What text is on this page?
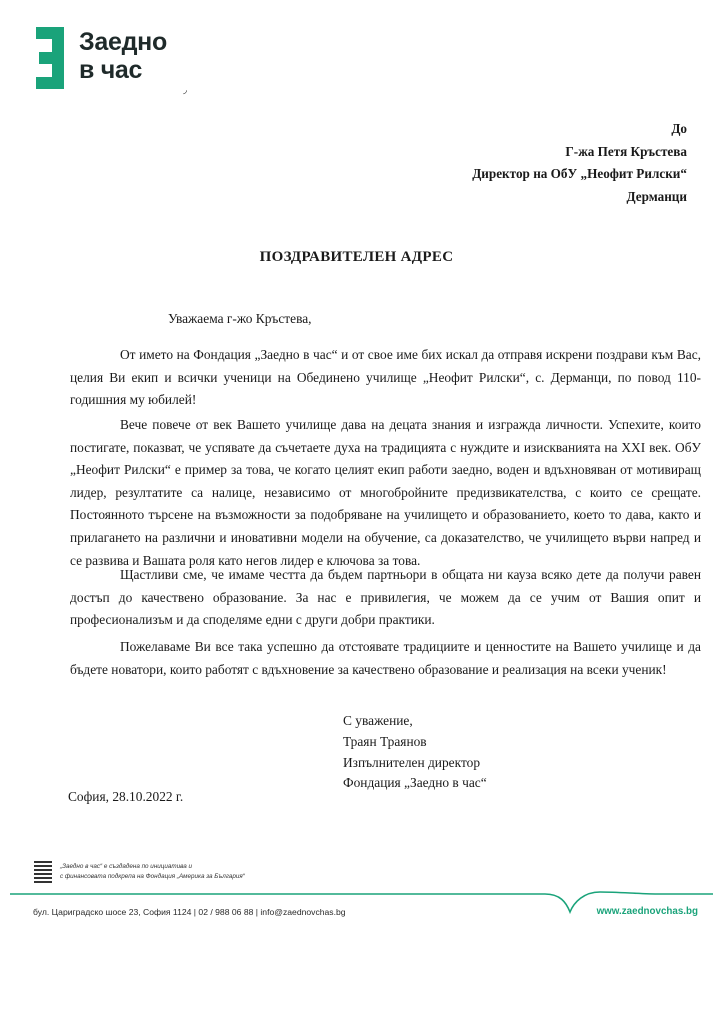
Заедно
в час
◞
До
Г-жа Петя Кръстева
Директор на ОбУ „Неофит Рилски“
Дерманци
ПОЗДРАВИТЕЛЕН АДРЕС
Уважаема г-жо Кръстева,

От името на Фондация „Заедно в час“ и от свое име бих искал да отправя искрени поздрави към Вас, целия Ви екип и всички ученици на Обединено училище „Неофит Рилски“, с. Дерманци, по повод 110-годишния му юбилей!

Вече повече от век Вашето училище дава на децата знания и изгражда личности. Успехите, които постигате, показват, че успявате да съчетаете духа на традицията с нуждите и изискванията на XXI век. ОбУ „Неофит Рилски“ е пример за това, че когато целият екип работи заедно, воден и вдъхновяван от мотивиращ лидер, резултатите са налице, независимо от многобройните предизвикателства, с които се срещате. Постоянното търсене на възможности за подобряване на училището и образованието, което то дава, както и прилагането на различни и иновативни модели на обучение, са доказателство, че училището върви напред и се развива и Вашата роля като негов лидер е ключова за това.

Щастливи сме, че имаме честта да бъдем партньори в общата ни кауза всяко дете да получи равен достъп до качествено образование. За нас е привилегия, че можем да се учим от Вашия опит и професионализъм и да споделяме едни с други добри практики.

Пожелаваме Ви все така успешно да отстоявате традициите и ценностите на Вашето училище и да бъдете новатори, които работят с вдъхновение за качествено образование и реализация на всеки ученик!

С уважение,
Траян Траянов
Изпълнителен директор
Фондация „Заедно в час“
София, 28.10.2022 г.
„Заедно в час“ е създадена по инициатива и
с финансовата подкрепа на Фондация „Америка за България“
бул. Цариградско шосе 23, София 1124 | 02 / 988 06 88 | info@zaednovchas.bg	www.zaednovchas.bg
